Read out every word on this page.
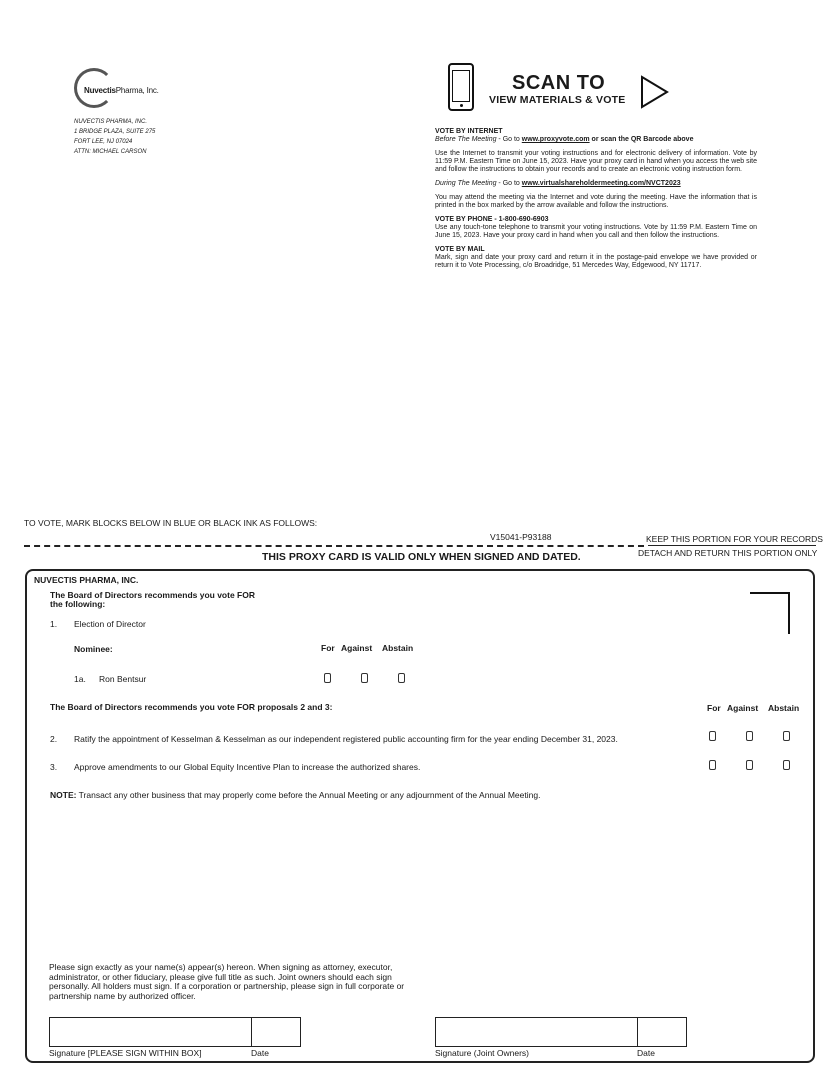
NuvectisPharma, Inc.
NUVECTIS PHARMA, INC.
1 BRIDGE PLAZA, SUITE 275
FORT LEE, NJ 07024
ATTN: MICHAEL CARSON
SCAN TO
VIEW MATERIALS & VOTE
VOTE BY INTERNET

Before The Meeting - Go to www.proxyvote.com or scan the QR Barcode above

Use the Internet to transmit your voting instructions and for electronic delivery of information. Vote by 11:59 P.M. Eastern Time on June 15, 2023. Have your proxy card in hand when you access the web site and follow the instructions to obtain your records and to create an electronic voting instruction form.

During The Meeting - Go to www.virtualshareholdermeeting.com/NVCT2023

You may attend the meeting via the Internet and vote during the meeting. Have the information that is printed in the box marked by the arrow available and follow the instructions.

VOTE BY PHONE - 1-800-690-6903

Use any touch-tone telephone to transmit your voting instructions. Vote by 11:59 P.M. Eastern Time on June 15, 2023. Have your proxy card in hand when you call and then follow the instructions.

VOTE BY MAIL

Mark, sign and date your proxy card and return it in the postage-paid envelope we have provided or return it to Vote Processing, c/o Broadridge, 51 Mercedes Way, Edgewood, NY 11717.

TO VOTE, MARK BLOCKS BELOW IN BLUE OR BLACK INK AS FOLLOWS:
V15041-P93188	KEEP THIS PORTION FOR YOUR RECORDS
DETACH AND RETURN THIS PORTION ONLY
THIS PROXY CARD IS VALID ONLY WHEN SIGNED AND DATED.
NUVECTIS PHARMA, INC.
The Board of Directors recommends you vote FOR
the following:
1. Election of Director
Nominee:	For Against Abstain
1a. Ron Bentsur
The Board of Directors recommends you vote FOR proposals 2 and 3:	For Against Abstain
2. Ratify the appointment of Kesselman & Kesselman as our independent registered public accounting firm for the year ending December 31, 2023.
3. Approve amendments to our Global Equity Incentive Plan to increase the authorized shares.
NOTE: Transact any other business that may properly come before the Annual Meeting or any adjournment of the Annual Meeting.
Please sign exactly as your name(s) appear(s) hereon. When signing as attorney, executor, administrator, or other fiduciary, please give full title as such. Joint owners should each sign personally. All holders must sign. If a corporation or partnership, please sign in full corporate or partnership name by authorized officer.
Signature [PLEASE SIGN WITHIN BOX]	Date	Signature (Joint Owners)	Date
